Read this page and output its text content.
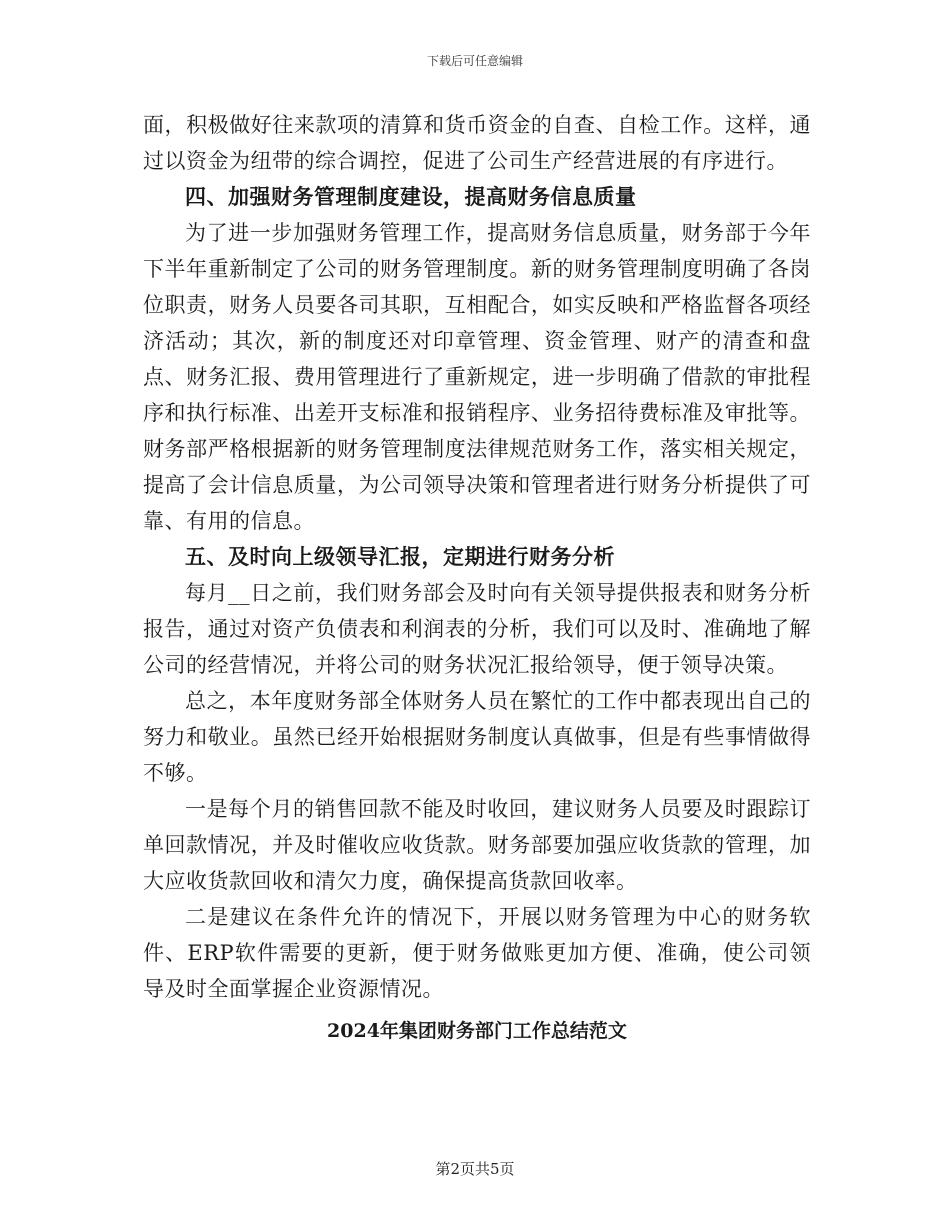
下载后可任意编辑

面，积极做好往来款项的清算和货币资金的自查、自检工作。这样，通过以资金为纽带的综合调控，促进了公司生产经营进展的有序进行。

四、加强财务管理制度建设，提高财务信息质量

为了进一步加强财务管理工作，提高财务信息质量，财务部于今年下半年重新制定了公司的财务管理制度。新的财务管理制度明确了各岗位职责，财务人员要各司其职，互相配合，如实反映和严格监督各项经济活动；其次，新的制度还对印章管理、资金管理、财产的清查和盘点、财务汇报、费用管理进行了重新规定，进一步明确了借款的审批程序和执行标准、出差开支标准和报销程序、业务招待费标准及审批等。财务部严格根据新的财务管理制度法律规范财务工作，落实相关规定，提高了会计信息质量，为公司领导决策和管理者进行财务分析提供了可靠、有用的信息。

五、及时向上级领导汇报，定期进行财务分析

每月__日之前，我们财务部会及时向有关领导提供报表和财务分析报告，通过对资产负债表和利润表的分析，我们可以及时、准确地了解公司的经营情况，并将公司的财务状况汇报给领导，便于领导决策。

总之，本年度财务部全体财务人员在繁忙的工作中都表现出自己的努力和敬业。虽然已经开始根据财务制度认真做事，但是有些事情做得不够。

一是每个月的销售回款不能及时收回，建议财务人员要及时跟踪订单回款情况，并及时催收应收货款。财务部要加强应收货款的管理，加大应收货款回收和清欠力度，确保提高货款回收率。

二是建议在条件允许的情况下，开展以财务管理为中心的财务软件、ERP软件需要的更新，便于财务做账更加方便、准确，使公司领导及时全面掌握企业资源情况。

2024年集团财务部门工作总结范文

第2页共5页
